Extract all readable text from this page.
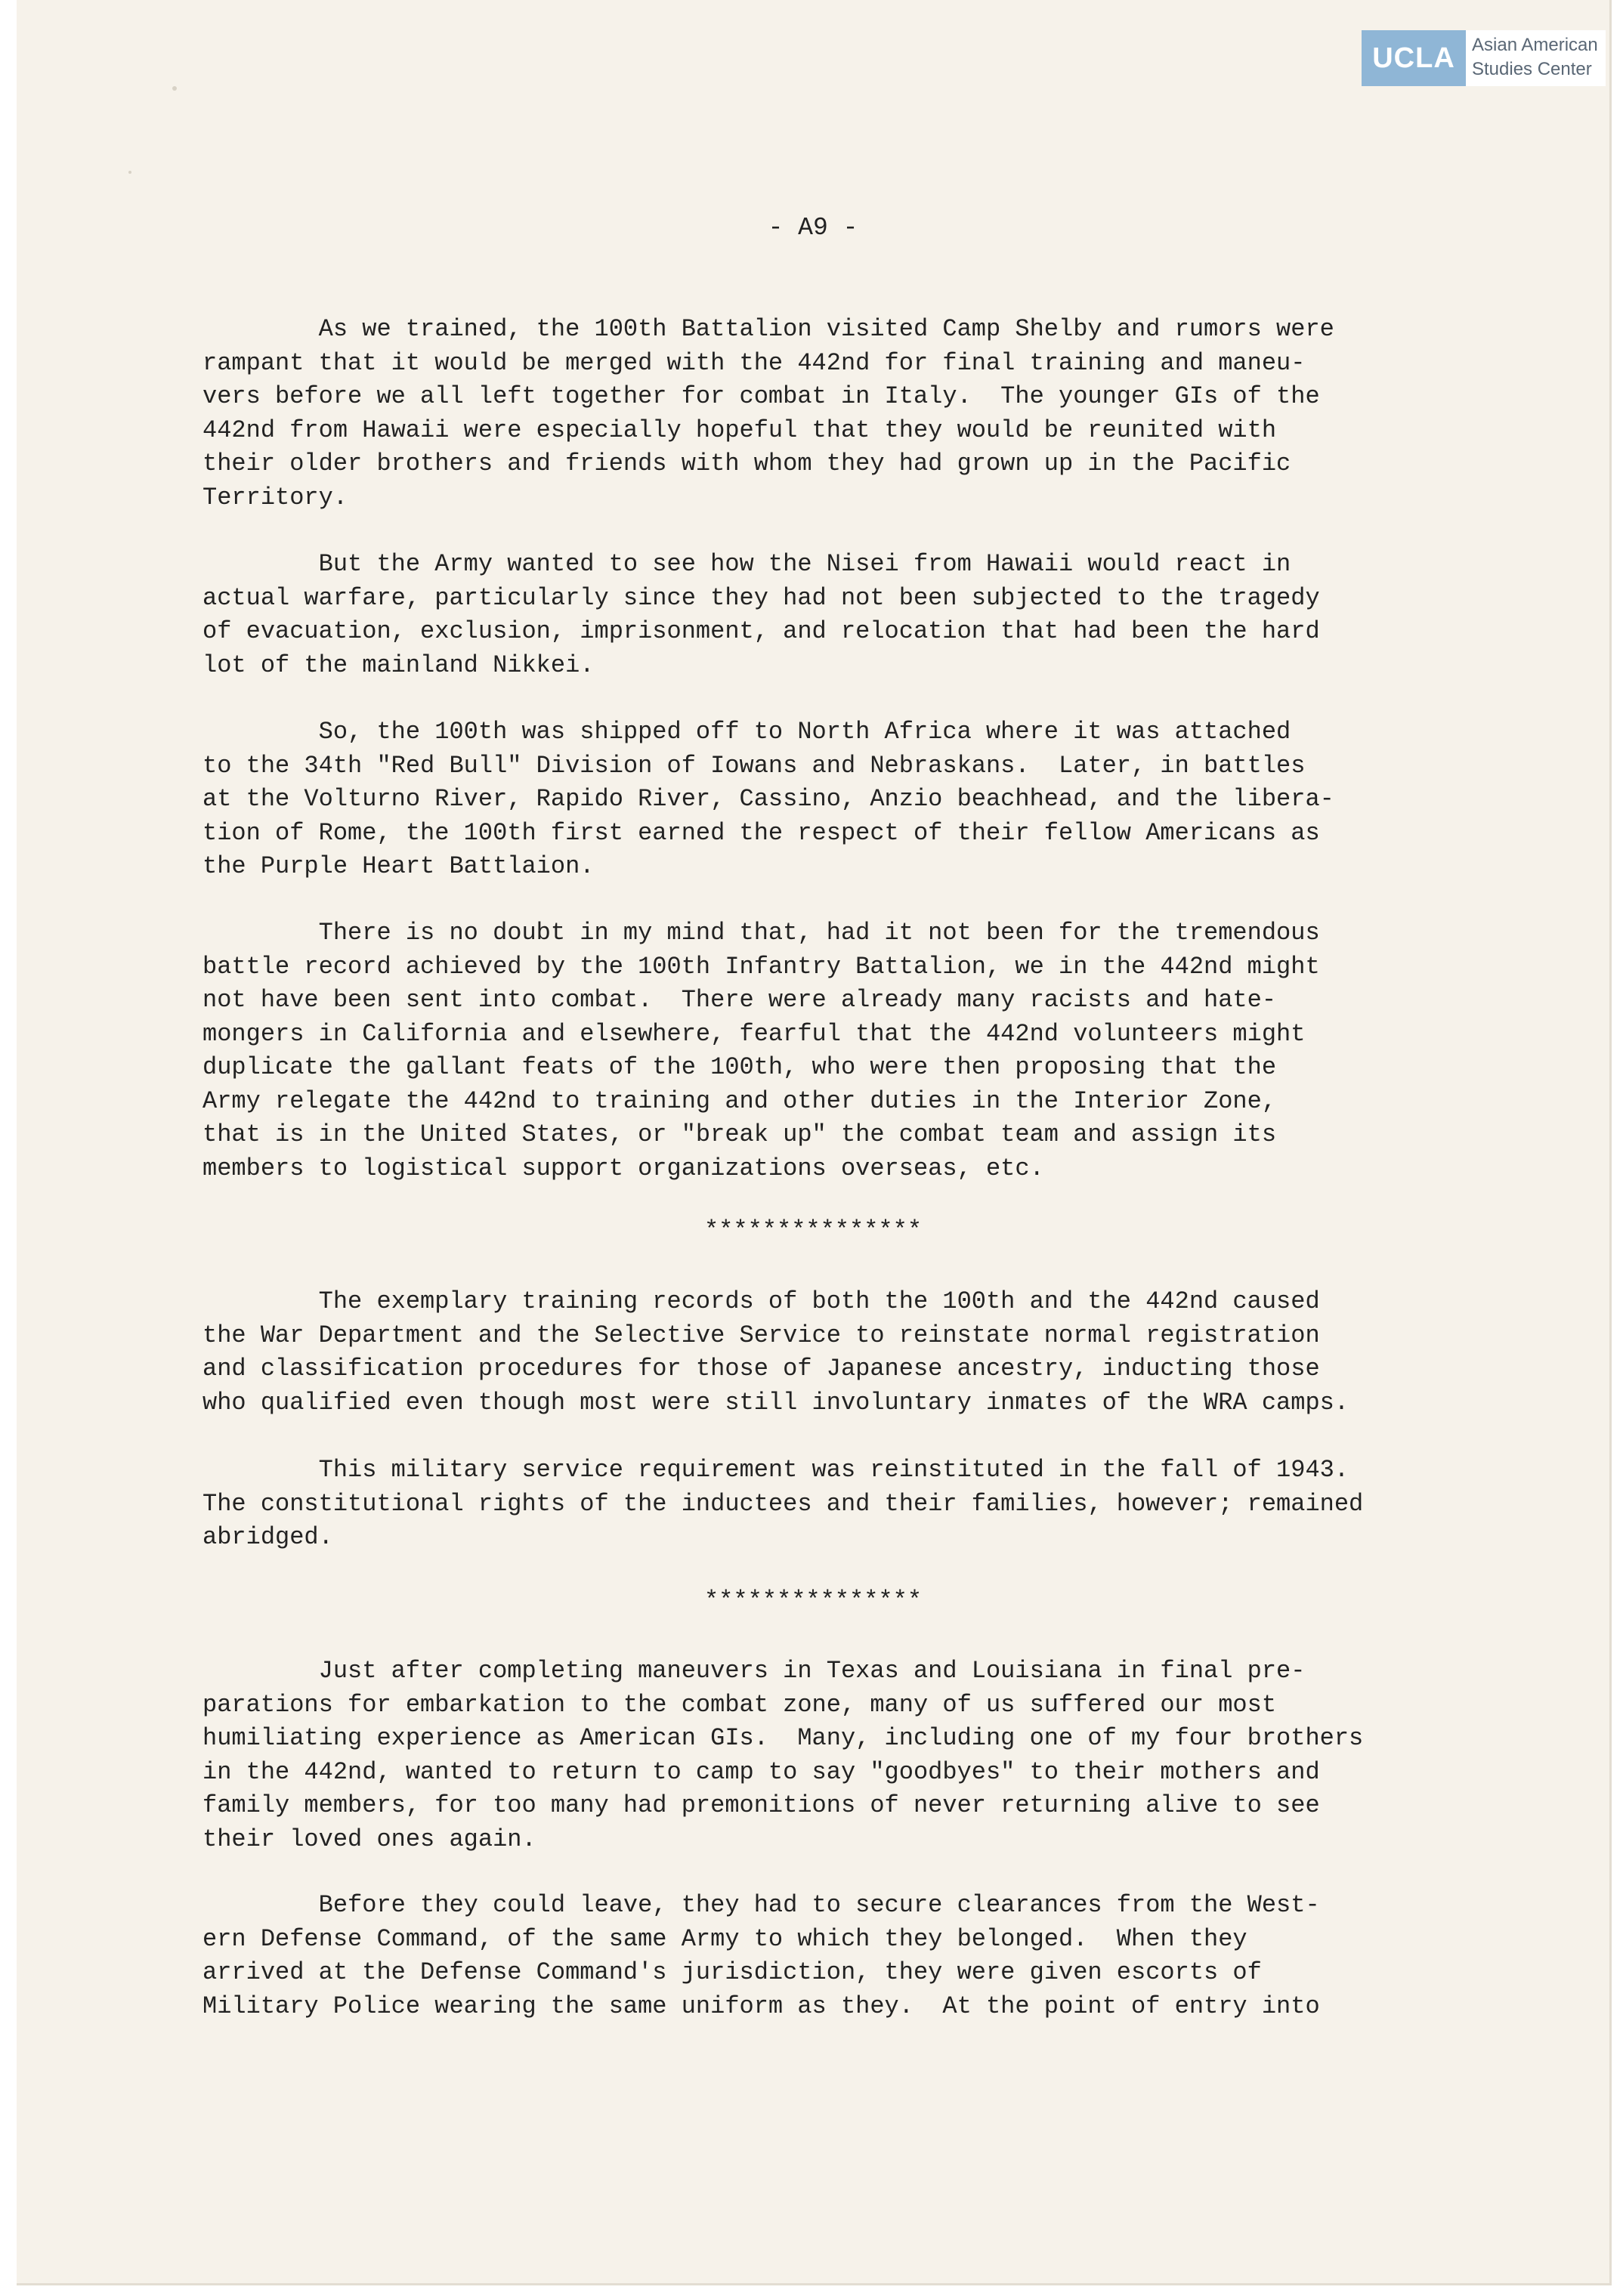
UCLA Asian American
Studies Center
- A9 -
As we trained, the 100th Battalion visited Camp Shelby and rumors were
rampant that it would be merged with the 442nd for final training and maneu-
vers before we all left together for combat in Italy.  The younger GIs of the
442nd from Hawaii were especially hopeful that they would be reunited with
their older brothers and friends with whom they had grown up in the Pacific
Territory.
But the Army wanted to see how the Nisei from Hawaii would react in
actual warfare, particularly since they had not been subjected to the tragedy
of evacuation, exclusion, imprisonment, and relocation that had been the hard
lot of the mainland Nikkei.
So, the 100th was shipped off to North Africa where it was attached
to the 34th "Red Bull" Division of Iowans and Nebraskans.  Later, in battles
at the Volturno River, Rapido River, Cassino, Anzio beachhead, and the libera-
tion of Rome, the 100th first earned the respect of their fellow Americans as
the Purple Heart Battlaion.
There is no doubt in my mind that, had it not been for the tremendous
battle record achieved by the 100th Infantry Battalion, we in the 442nd might
not have been sent into combat.  There were already many racists and hate-
mongers in California and elsewhere, fearful that the 442nd volunteers might
duplicate the gallant feats of the 100th, who were then proposing that the
Army relegate the 442nd to training and other duties in the Interior Zone,
that is in the United States, or "break up" the combat team and assign its
members to logistical support organizations overseas, etc.
***************
The exemplary training records of both the 100th and the 442nd caused
the War Department and the Selective Service to reinstate normal registration
and classification procedures for those of Japanese ancestry, inducting those
who qualified even though most were still involuntary inmates of the WRA camps.
This military service requirement was reinstituted in the fall of 1943.
The constitutional rights of the inductees and their families, however; remained
abridged.
***************
Just after completing maneuvers in Texas and Louisiana in final pre-
parations for embarkation to the combat zone, many of us suffered our most
humiliating experience as American GIs.  Many, including one of my four brothers
in the 442nd, wanted to return to camp to say "goodbyes" to their mothers and
family members, for too many had premonitions of never returning alive to see
their loved ones again.
Before they could leave, they had to secure clearances from the West-
ern Defense Command, of the same Army to which they belonged.  When they
arrived at the Defense Command's jurisdiction, they were given escorts of
Military Police wearing the same uniform as they.  At the point of entry into
